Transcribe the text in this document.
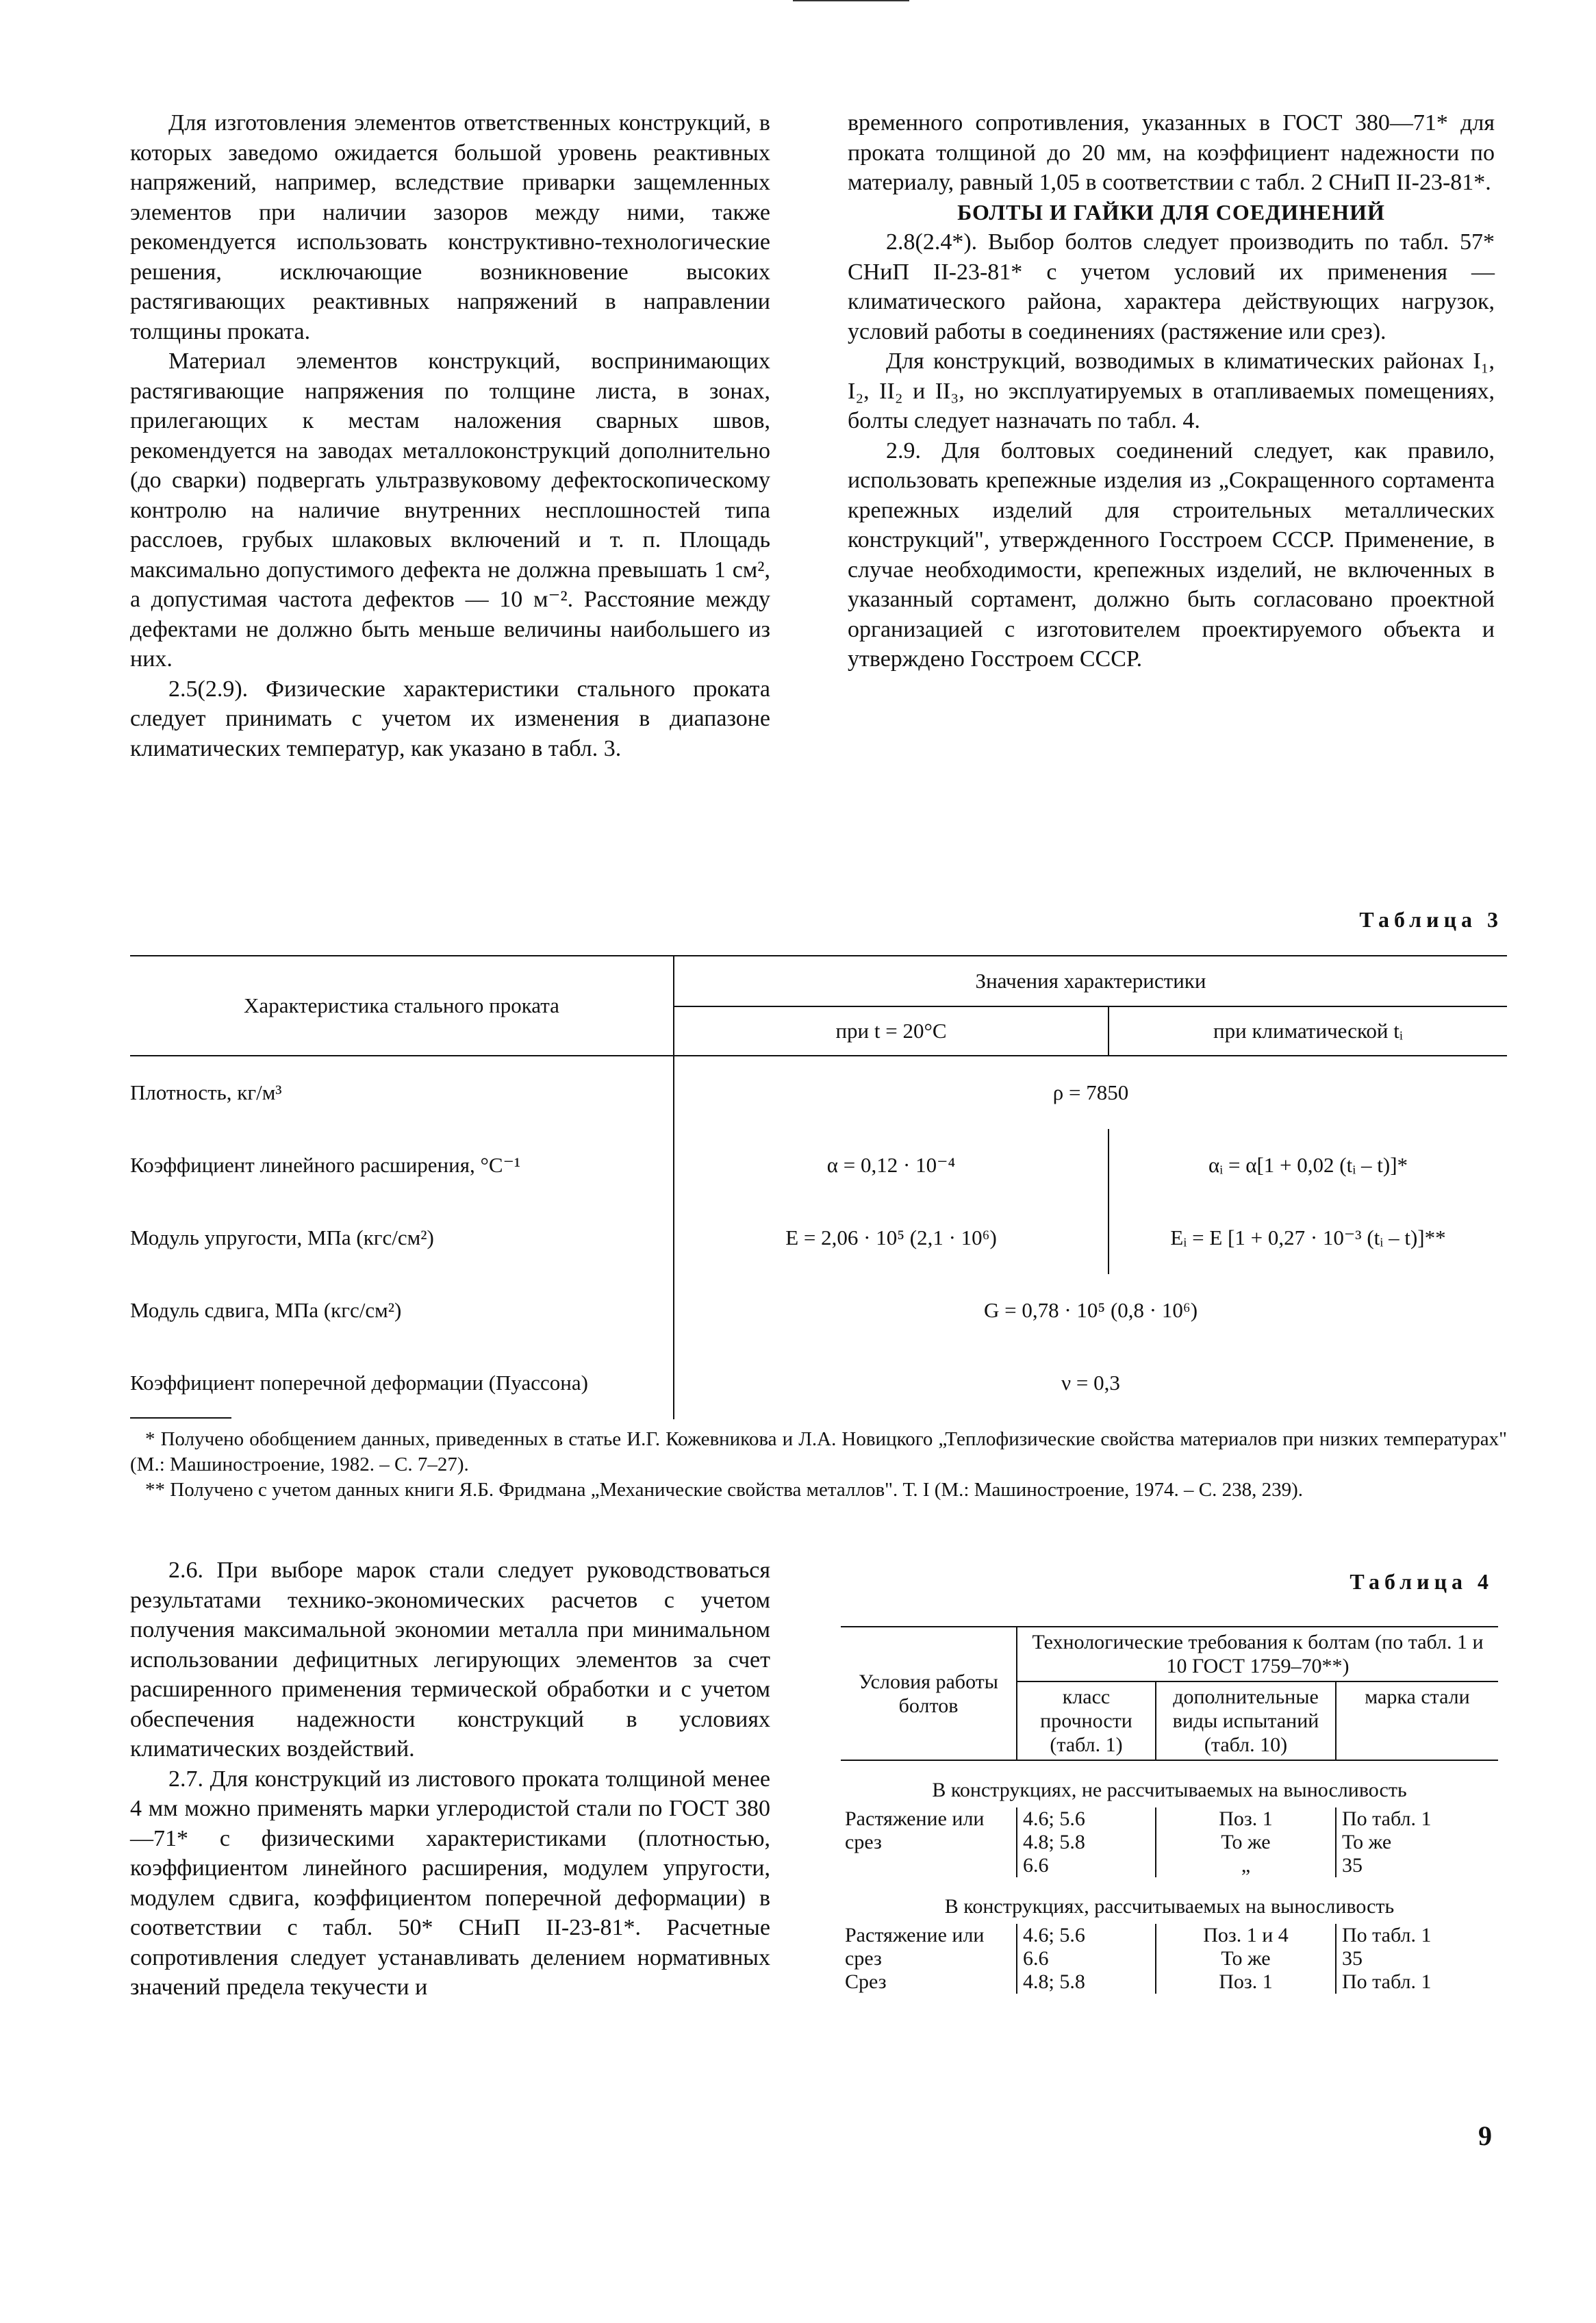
Для изготовления элементов ответственных конструкций, в которых заведомо ожидается большой уровень реактивных напряжений, например, вследствие приварки защемленных элементов при наличии зазоров между ними, также рекомендуется использовать конструктивно-технологические решения, исключающие возникновение высоких растягивающих реактивных напряжений в направлении толщины проката.

Материал элементов конструкций, воспринимающих растягивающие напряжения по толщине листа, в зонах, прилегающих к местам наложения сварных швов, рекомендуется на заводах металлоконструкций дополнительно (до сварки) подвергать ультразвуковому дефектоскопическому контролю на наличие внутренних несплошностей типа расслоев, грубых шлаковых включений и т. п. Площадь максимально допустимого дефекта не должна превышать 1 см², а допустимая частота дефектов — 10 м⁻². Расстояние между дефектами не должно быть меньше величины наибольшего из них.

2.5(2.9). Физические характеристики стального проката следует принимать с учетом их изменения в диапазоне климатических температур, как указано в табл. 3.

временного сопротивления, указанных в ГОСТ 380—71* для проката толщиной до 20 мм, на коэффициент надежности по материалу, равный 1,05 в соответствии с табл. 2 СНиП II-23-81*.

БОЛТЫ И ГАЙКИ ДЛЯ СОЕДИНЕНИЙ

2.8(2.4*). Выбор болтов следует производить по табл. 57* СНиП II-23-81* с учетом условий их применения — климатического района, характера действующих нагрузок, условий работы в соединениях (растяжение или срез).

Для конструкций, возводимых в климатических районах I₁, I₂, II₂ и II₃, но эксплуатируемых в отапливаемых помещениях, болты следует назначать по табл. 4.

2.9. Для болтовых соединений следует, как правило, использовать крепежные изделия из „Сокращенного сортамента крепежных изделий для строительных металлических конструкций", утвержденного Госстроем СССР. Применение, в случае необходимости, крепежных изделий, не включенных в указанный сортамент, должно быть согласовано проектной организацией с изготовителем проектируемого объекта и утверждено Госстроем СССР.

Таблица 3
Характеристика стального проката	Значения характеристики	
	при t = 20°С	при климатической tᵢ
Плотность, кг/м³	ρ = 7850	
Коэффициент линейного расширения, °С⁻¹	α = 0,12 · 10⁻⁴	αᵢ = α[1 + 0,02 (tᵢ – t)]*
Модуль упругости, МПа (кгс/см²)	E = 2,06 · 10⁵ (2,1 · 10⁶)	Eᵢ = E [1 + 0,27 · 10⁻³ (tᵢ – t)]**
Модуль сдвига, МПа (кгс/см²)	G = 0,78 · 10⁵ (0,8 · 10⁶)	
Коэффициент поперечной деформации (Пуассона)	ν = 0,3	

* Получено обобщением данных, приведенных в статье И.Г. Кожевникова и Л.А. Новицкого „Теплофизические свойства материалов при низких температурах" (М.: Машиностроение, 1982. – С. 7–27).

** Получено с учетом данных книги Я.Б. Фридмана „Механические свойства металлов". Т. I (М.: Машиностроение, 1974. – С. 238, 239).

2.6. При выборе марок стали следует руководствоваться результатами технико-экономических расчетов с учетом получения максимальной экономии металла при минимальном использовании дефицитных легирующих элементов за счет расширенного применения термической обработки и с учетом обеспечения надежности конструкций в условиях климатических воздействий.

2.7. Для конструкций из листового проката толщиной менее 4 мм можно применять марки углеродистой стали по ГОСТ 380—71* с физическими характеристиками (плотностью, коэффициентом линейного расширения, модулем упругости, модулем сдвига, коэффициентом поперечной деформации) в соответствии с табл. 50* СНиП II-23-81*. Расчетные сопротивления следует устанавливать делением нормативных значений предела текучести и

Таблица 4
Условия работы болтов	Технологические требования к болтам (по табл. 1 и 10 ГОСТ 1759–70**)		
	класс прочности (табл. 1)	дополнительные виды испытаний (табл. 10)	марка стали
В конструкциях, не рассчитываемых на выносливость			
Растяжение или	4.6; 5.6	Поз. 1	По табл. 1
срез	4.8; 5.8	То же	То же
	6.6	„	35
В конструкциях, рассчитываемых на выносливость			
Растяжение или	4.6; 5.6	Поз. 1 и 4	По табл. 1
срез	6.6	То же	35
Срез	4.8; 5.8	Поз. 1	По табл. 1
9
